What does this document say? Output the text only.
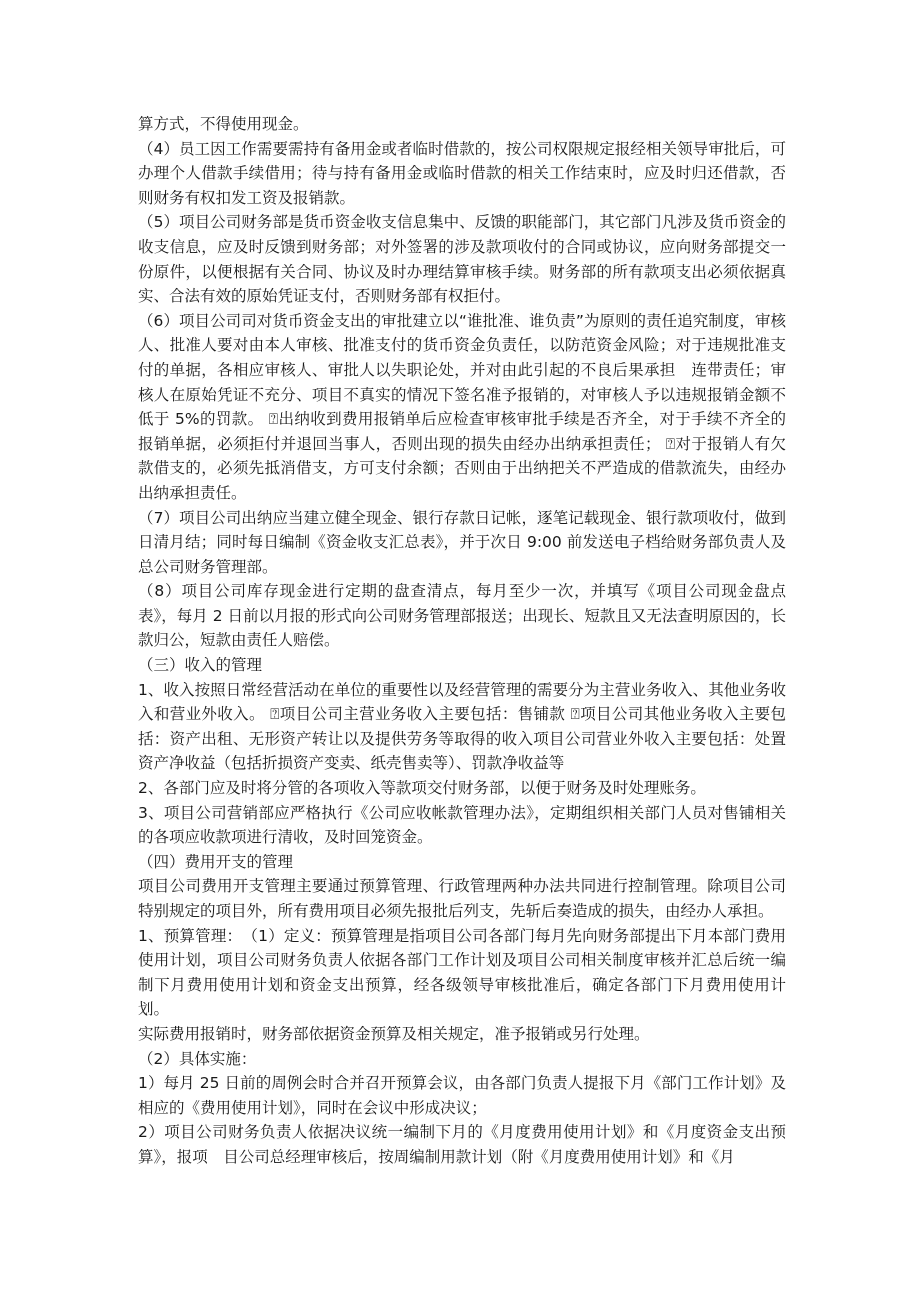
算方式，不得使用现金。

（4）员工因工作需要需持有备用金或者临时借款的，按公司权限规定报经相关领导审批后，可办理个人借款手续借用；待与持有备用金或临时借款的相关工作结束时，应及时归还借款，否则财务有权扣发工资及报销款。

（5）项目公司财务部是货币资金收支信息集中、反馈的职能部门，其它部门凡涉及货币资金的收支信息，应及时反馈到财务部；对外签署的涉及款项收付的合同或协议，应向财务部提交一份原件，以便根据有关合同、协议及时办理结算审核手续。财务部的所有款项支出必须依据真实、合法有效的原始凭证支付，否则财务部有权拒付。

（6）项目公司司对货币资金支出的审批建立以“谁批准、谁负责”为原则的责任追究制度，审核人、批准人要对由本人审核、批准支付的货币资金负责任，以防范资金风险；对于违规批准支付的单据，各相应审核人、审批人以失职论处，并对由此引起的不良后果承担　连带责任；审核人在原始凭证不充分、项目不真实的情况下签名准予报销的，对审核人予以违规报销金额不低于 5%的罚款。 ⍰出纳收到费用报销单后应检查审核审批手续是否齐全，对于手续不齐全的报销单据，必须拒付并退回当事人，否则出现的损失由经办出纳承担责任； ⍰对于报销人有欠款借支的，必须先抵消借支，方可支付余额；否则由于出纳把关不严造成的借款流失，由经办出纳承担责任。

（7）项目公司出纳应当建立健全现金、银行存款日记帐，逐笔记载现金、银行款项收付，做到日清月结；同时每日编制《资金收支汇总表》，并于次日 9:00 前发送电子档给财务部负责人及总公司财务管理部。

（8）项目公司库存现金进行定期的盘查清点，每月至少一次，并填写《项目公司现金盘点表》，每月 2 日前以月报的形式向公司财务管理部报送；出现长、短款且又无法查明原因的，长款归公，短款由责任人赔偿。

（三）收入的管理

1、收入按照日常经营活动在单位的重要性以及经营管理的需要分为主营业务收入、其他业务收入和营业外收入。 ⍰项目公司主营业务收入主要包括：售铺款 ⍰项目公司其他业务收入主要包括：资产出租、无形资产转让以及提供劳务等取得的收入项目公司营业外收入主要包括：处置资产净收益（包括折损资产变卖、纸壳售卖等）、罚款净收益等

2、各部门应及时将分管的各项收入等款项交付财务部，以便于财务及时处理账务。

3、项目公司营销部应严格执行《公司应收帐款管理办法》，定期组织相关部门人员对售铺相关的各项应收款项进行清收，及时回笼资金。

（四）费用开支的管理

项目公司费用开支管理主要通过预算管理、行政管理两种办法共同进行控制管理。除项目公司特别规定的项目外，所有费用项目必须先报批后列支，先斩后奏造成的损失，由经办人承担。

1、预算管理：　（1）定义：预算管理是指项目公司各部门每月先向财务部提出下月本部门费用使用计划，项目公司财务负责人依据各部门工作计划及项目公司相关制度审核并汇总后统一编制下月费用使用计划和资金支出预算，经各级领导审核批准后，确定各部门下月费用使用计划。

实际费用报销时，财务部依据资金预算及相关规定，准予报销或另行处理。

（2）具体实施：

1）每月 25 日前的周例会时合并召开预算会议，由各部门负责人提报下月《部门工作计划》及相应的《费用使用计划》，同时在会议中形成决议；

2）项目公司财务负责人依据决议统一编制下月的《月度费用使用计划》和《月度资金支出预算》，报项　目公司总经理审核后，按周编制用款计划（附《月度费用使用计划》和《月
